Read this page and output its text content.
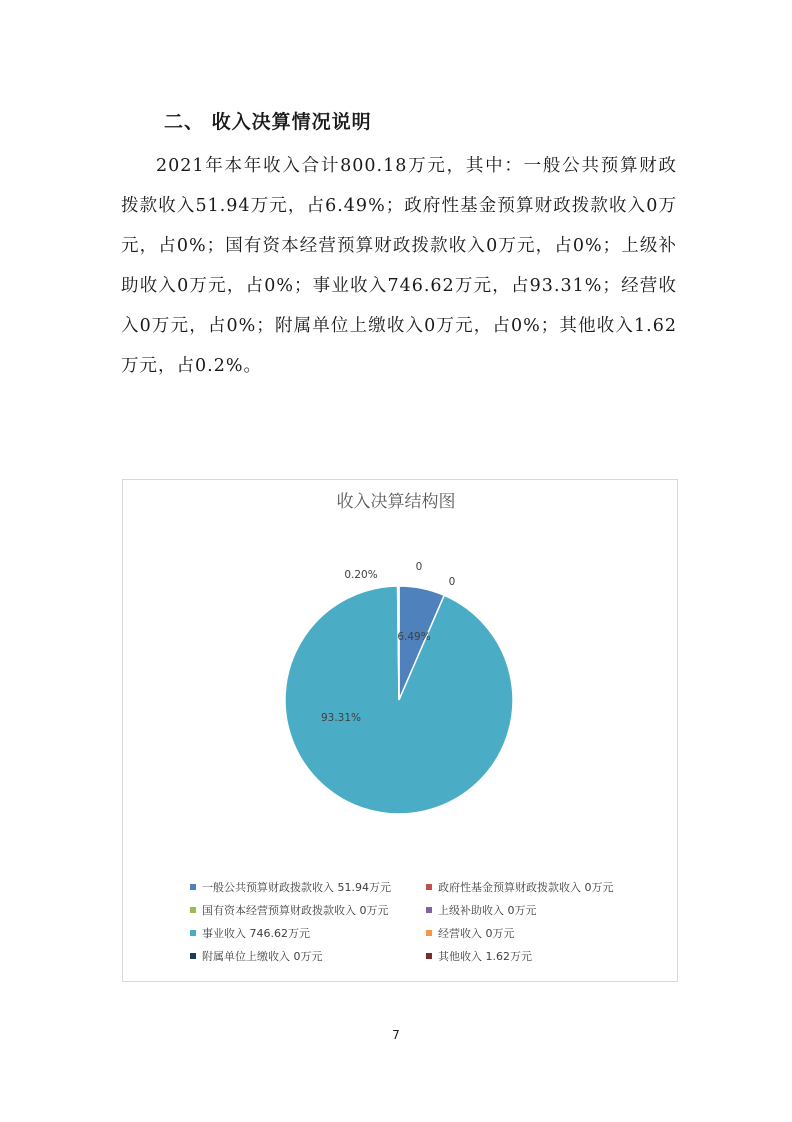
二、 收入决算情况说明
2021年本年收入合计800.18万元，其中：一般公共预算财政拨款收入51.94万元，占6.49%；政府性基金预算财政拨款收入0万元，占0%；国有资本经营预算财政拨款收入0万元，占0%；上级补助收入0万元，占0%；事业收入746.62万元，占93.31%；经营收入0万元，占0%；附属单位上缴收入0万元，占0%；其他收入1.62万元，占0.2%。
收入决算结构图
6.49%
0
0
93.31%
0.20%
一般公共预算财政拨款收入 51.94万元	政府性基金预算财政拨款收入 0万元
国有资本经营预算财政拨款收入 0万元	上级补助收入 0万元
事业收入 746.62万元	经营收入 0万元
附属单位上缴收入 0万元	其他收入 1.62万元
7
